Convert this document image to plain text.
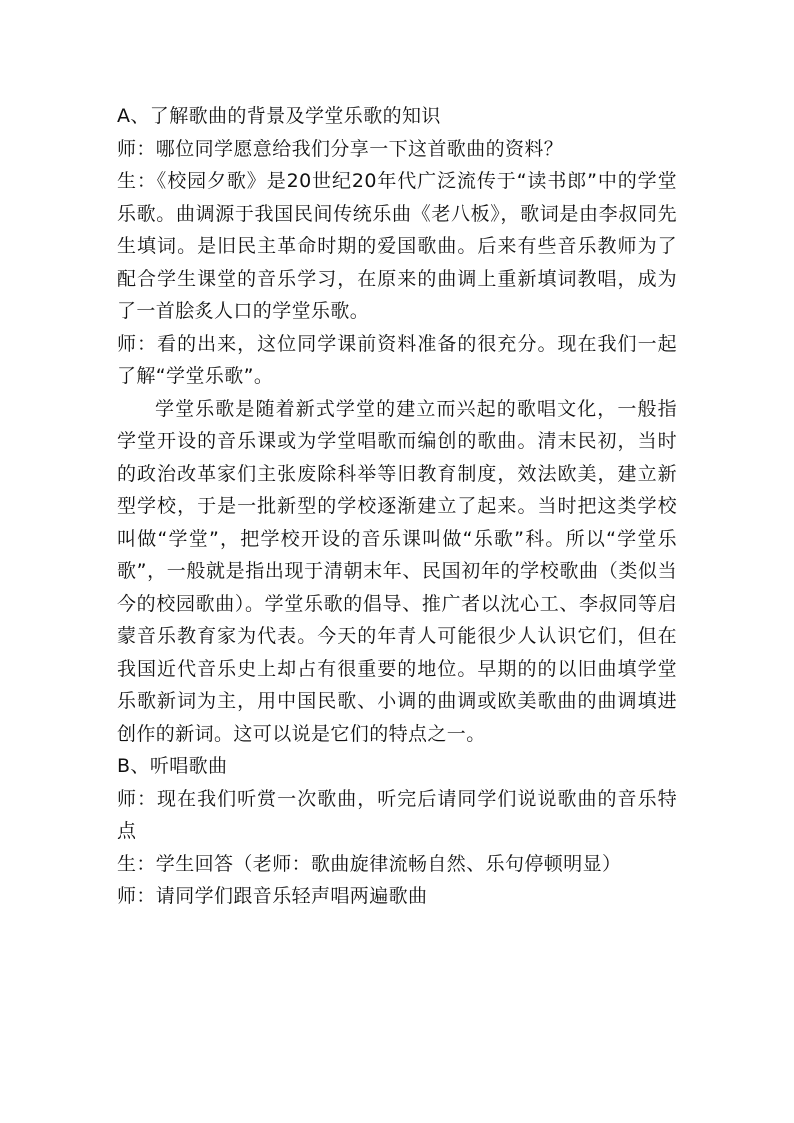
A、了解歌曲的背景及学堂乐歌的知识

师：哪位同学愿意给我们分享一下这首歌曲的资料？

生：《校园夕歌》是20世纪20年代广泛流传于“读书郎”中的学堂乐歌。曲调源于我国民间传统乐曲《老八板》，歌词是由李叔同先生填词。是旧民主革命时期的爱国歌曲。后来有些音乐教师为了配合学生课堂的音乐学习，在原来的曲调上重新填词教唱，成为了一首脍炙人口的学堂乐歌。

师：看的出来，这位同学课前资料准备的很充分。现在我们一起了解“学堂乐歌”。

学堂乐歌是随着新式学堂的建立而兴起的歌唱文化，一般指学堂开设的音乐课或为学堂唱歌而编创的歌曲。清末民初，当时的政治改革家们主张废除科举等旧教育制度，效法欧美，建立新型学校，于是一批新型的学校逐渐建立了起来。当时把这类学校叫做“学堂”，把学校开设的音乐课叫做“乐歌”科。所以“学堂乐歌”，一般就是指出现于清朝末年、民国初年的学校歌曲（类似当今的校园歌曲）。学堂乐歌的倡导、推广者以沈心工、李叔同等启蒙音乐教育家为代表。今天的年青人可能很少人认识它们，但在我国近代音乐史上却占有很重要的地位。早期的的以旧曲填学堂乐歌新词为主，用中国民歌、小调的曲调或欧美歌曲的曲调填进创作的新词。这可以说是它们的特点之一。

B、听唱歌曲

师：现在我们听赏一次歌曲，听完后请同学们说说歌曲的音乐特点

生：学生回答（老师：歌曲旋律流畅自然、乐句停顿明显）

师：请同学们跟音乐轻声唱两遍歌曲
